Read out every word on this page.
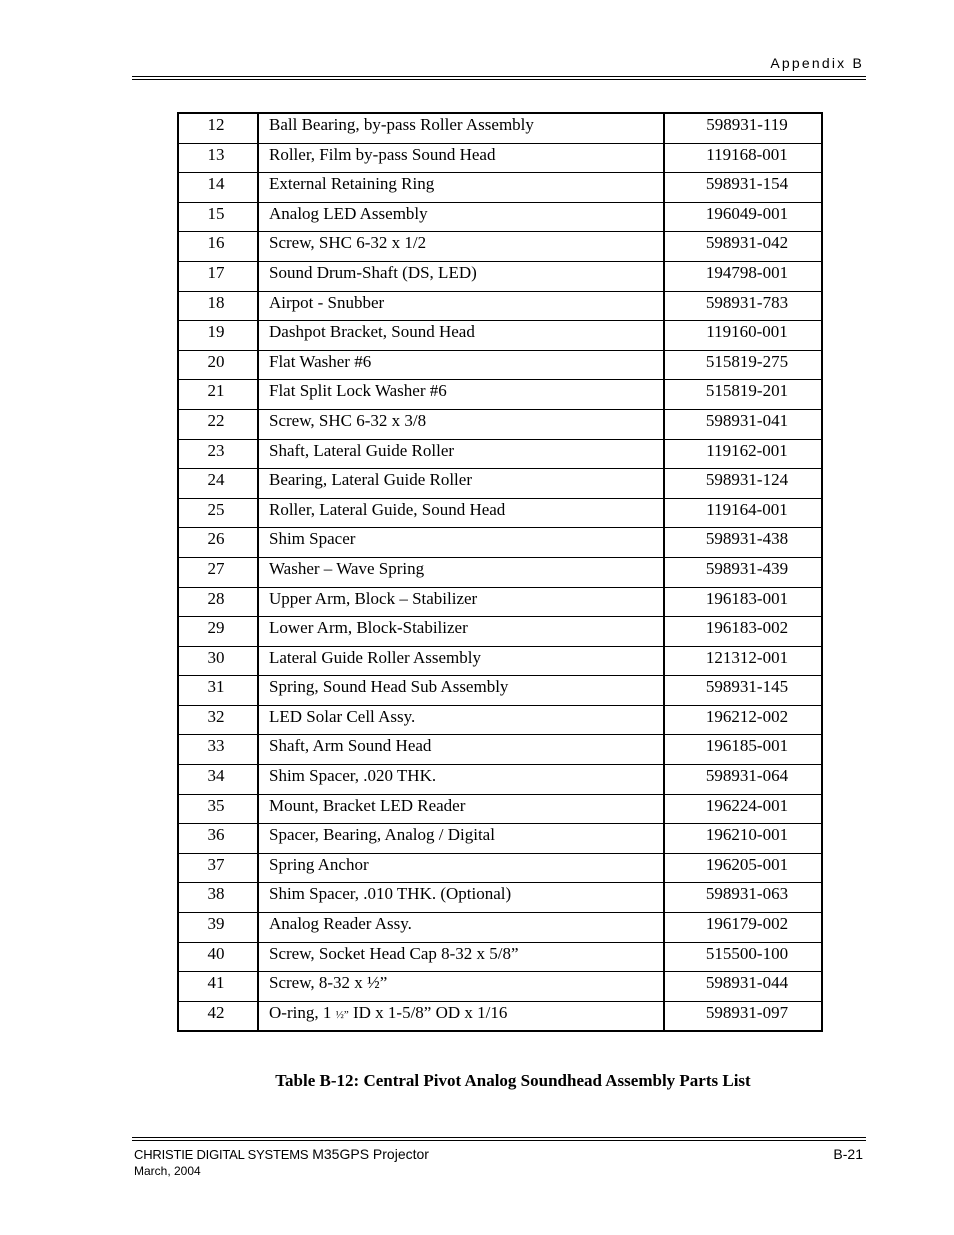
Appendix B
12	Ball Bearing, by-pass Roller Assembly	598931-119
13	Roller, Film by-pass Sound Head	119168-001
14	External Retaining Ring	598931-154
15	Analog LED Assembly	196049-001
16	Screw, SHC 6-32 x 1/2	598931-042
17	Sound Drum-Shaft (DS, LED)	194798-001
18	Airpot - Snubber	598931-783
19	Dashpot Bracket, Sound Head	119160-001
20	Flat Washer #6	515819-275
21	Flat Split Lock Washer #6	515819-201
22	Screw, SHC 6-32 x 3/8	598931-041
23	Shaft, Lateral Guide Roller	119162-001
24	Bearing, Lateral Guide Roller	598931-124
25	Roller, Lateral Guide, Sound Head	119164-001
26	Shim Spacer	598931-438
27	Washer – Wave Spring	598931-439
28	Upper Arm, Block – Stabilizer	196183-001
29	Lower Arm, Block-Stabilizer	196183-002
30	Lateral Guide Roller Assembly	121312-001
31	Spring, Sound Head Sub Assembly	598931-145
32	LED Solar Cell Assy.	196212-002
33	Shaft, Arm Sound Head	196185-001
34	Shim Spacer, .020 THK.	598931-064
35	Mount, Bracket LED Reader	196224-001
36	Spacer, Bearing, Analog / Digital	196210-001
37	Spring Anchor	196205-001
38	Shim Spacer, .010 THK. (Optional)	598931-063
39	Analog Reader Assy.	196179-002
40	Screw, Socket Head Cap 8-32 x 5/8”	515500-100
41	Screw, 8-32 x ½”	598931-044
42	O-ring, 1 ½” ID x 1-5/8” OD x 1/16	598931-097
Table B-12: Central Pivot Analog Soundhead Assembly Parts List
CHRISTIE DIGITAL SYSTEMS M35GPS Projector
March, 2004
B-21
